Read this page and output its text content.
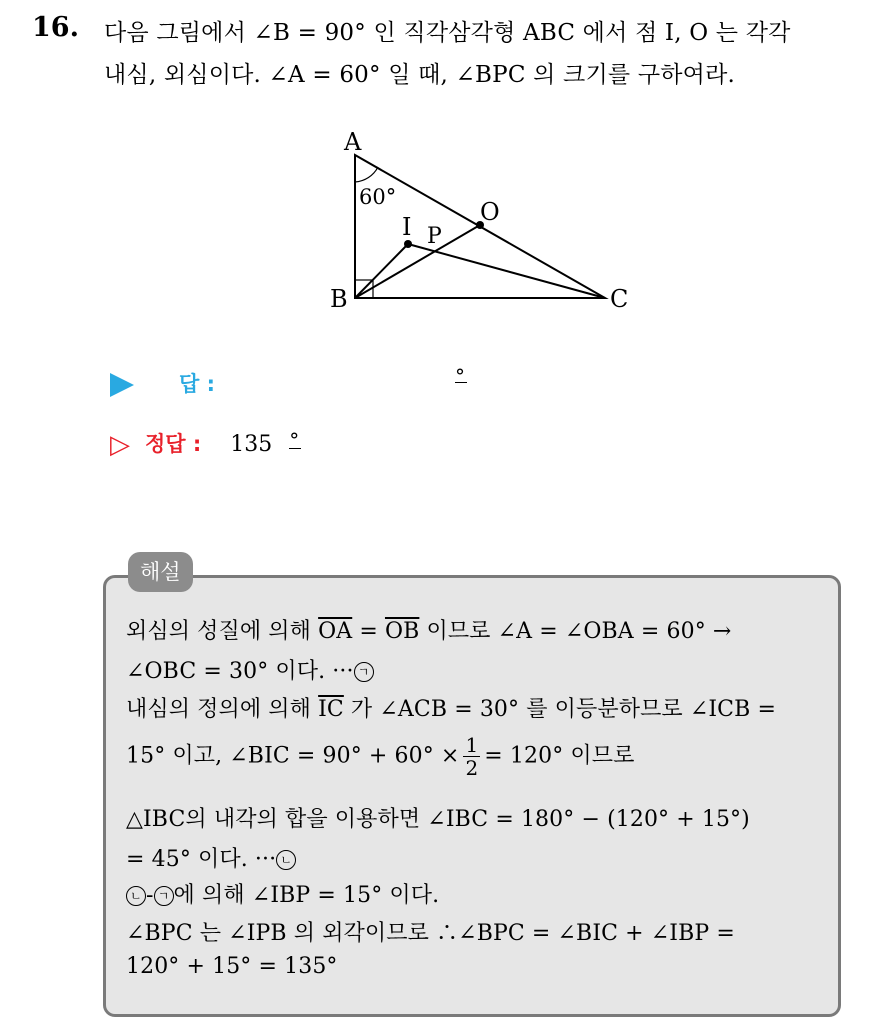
16. 다음 그림에서 ∠B = 90° 인 직각삼각형 ABC 에서 점 I, O 는 각각
내심, 외심이다. ∠A = 60° 일 때, ∠BPC 의 크기를 구하여라.
A
B	C
O
I P
60°
답 :	°
▷ 정답 : 135 °
해설
외심의 성질에 의해 $\overline{OA} = \overline{OB}$ 이므로 ∠A = ∠OBA = 60° →
∠OBC = 30° 이다. ··· ㄱ
내심의 정의에 의해 $\overline{IC}$ 가 ∠ACB = 30° 를 이등분하므로 ∠ICB =
15° 이고, ∠BIC = $90^\circ + 60^\circ \times \frac{1}{2} = 120^\circ$ 이므로
△IBC의 내각의 합을 이용하면 ∠IBC = 180° − (120° + 15°)
= 45° 이다. ··· ㄴ
ㄴ - ㄱ 에 의해 ∠IBP = 15° 이다.
∠BPC 는 ∠IPB 의 외각이므로 ∴∠BPC = ∠BIC + ∠IBP =
120° + 15° = 135°
